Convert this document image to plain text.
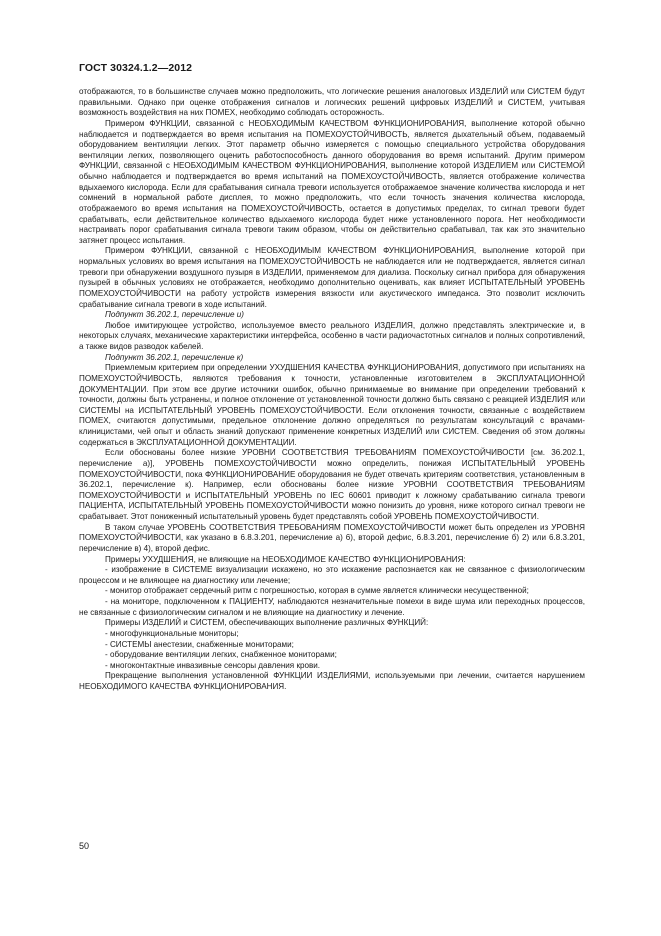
ГОСТ 30324.1.2—2012

отображаются, то в большинстве случаев можно предположить, что логические решения аналоговых ИЗДЕЛИЙ или СИСТЕМ будут правильными. Однако при оценке отображения сигналов и логических решений цифровых ИЗДЕЛИЙ и СИСТЕМ, учитывая возможность воздействия на них ПОМЕХ, необходимо соблюдать осторожность.

Примером ФУНКЦИИ, связанной с НЕОБХОДИМЫМ КАЧЕСТВОМ ФУНКЦИОНИРОВАНИЯ, выполнение которой обычно наблюдается и подтверждается во время испытания на ПОМЕХОУСТОЙЧИВОСТЬ, является дыхательный объем, подаваемый оборудованием вентиляции легких. Этот параметр обычно измеряется с помощью специального устройства оборудования вентиляции легких, позволяющего оценить работоспособность данного оборудования во время испытаний. Другим примером ФУНКЦИИ, связанной с НЕОБХОДИМЫМ КАЧЕСТВОМ ФУНКЦИОНИРОВАНИЯ, выполнение которой ИЗДЕЛИЕМ или СИСТЕМОЙ обычно наблюдается и подтверждается во время испытаний на ПОМЕХОУСТОЙЧИВОСТЬ, является отображение количества вдыхаемого кислорода. Если для срабатывания сигнала тревоги используется отображаемое значение количества кислорода и нет сомнений в нормальной работе дисплея, то можно предположить, что если точность значения количества кислорода, отображаемого во время испытания на ПОМЕХОУСТОЙЧИВОСТЬ, остается в допустимых пределах, то сигнал тревоги будет срабатывать, если действительное количество вдыхаемого кислорода будет ниже установленного порога. Нет необходимости настраивать порог срабатывания сигнала тревоги таким образом, чтобы он действительно срабатывал, так как это значительно затянет процесс испытания.

Примером ФУНКЦИИ, связанной с НЕОБХОДИМЫМ КАЧЕСТВОМ ФУНКЦИОНИРОВАНИЯ, выполнение которой при нормальных условиях во время испытания на ПОМЕХОУСТОЙЧИВОСТЬ не наблюдается или не подтверждается, является сигнал тревоги при обнаружении воздушного пузыря в ИЗДЕЛИИ, применяемом для диализа. Поскольку сигнал прибора для обнаружения пузырей в обычных условиях не отображается, необходимо дополнительно оценивать, как влияет ИСПЫТАТЕЛЬНЫЙ УРОВЕНЬ ПОМЕХОУСТОЙЧИВОСТИ на работу устройств измерения вязкости или акустического импеданса. Это позволит исключить срабатывание сигнала тревоги в ходе испытаний.

Подпункт 36.202.1, перечисление и)

Любое имитирующее устройство, используемое вместо реального ИЗДЕЛИЯ, должно представлять электрические и, в некоторых случаях, механические характеристики интерфейса, особенно в части радиочастотных сигналов и полных сопротивлений, а также видов разводок кабелей.

Подпункт 36.202.1, перечисление к)

Приемлемым критерием при определении УХУДШЕНИЯ КАЧЕСТВА ФУНКЦИОНИРОВАНИЯ, допустимого при испытаниях на ПОМЕХОУСТОЙЧИВОСТЬ, являются требования к точности, установленные изготовителем в ЭКСПЛУАТАЦИОННОЙ ДОКУМЕНТАЦИИ. При этом все другие источники ошибок, обычно принимаемые во внимание при определении требований к точности, должны быть устранены, и полное отклонение от установленной точности должно быть связано с реакцией ИЗДЕЛИЯ или СИСТЕМЫ на ИСПЫТАТЕЛЬНЫЙ УРОВЕНЬ ПОМЕХОУСТОЙЧИВОСТИ. Если отклонения точности, связанные с воздействием ПОМЕХ, считаются допустимыми, предельное отклонение должно определяться по результатам консультаций с врачами-клиницистами, чей опыт и область знаний допускают применение конкретных ИЗДЕЛИЙ или СИСТЕМ. Сведения об этом должны содержаться в ЭКСПЛУАТАЦИОННОЙ ДОКУМЕНТАЦИИ.

Если обоснованы более низкие УРОВНИ СООТВЕТСТВИЯ ТРЕБОВАНИЯМ ПОМЕХОУСТОЙЧИВОСТИ [см. 36.202.1, перечисление а)], УРОВЕНЬ ПОМЕХОУСТОЙЧИВОСТИ можно определить, понижая ИСПЫТАТЕЛЬНЫЙ УРОВЕНЬ ПОМЕХОУСТОЙЧИВОСТИ, пока ФУНКЦИОНИРОВАНИЕ оборудования не будет отвечать критериям соответствия, установленным в 36.202.1, перечисление к). Например, если обоснованы более низкие УРОВНИ СООТВЕТСТВИЯ ТРЕБОВАНИЯМ ПОМЕХОУСТОЙЧИВОСТИ и ИСПЫТАТЕЛЬНЫЙ УРОВЕНЬ по IEC 60601 приводит к ложному срабатыванию сигнала тревоги ПАЦИЕНТА, ИСПЫТАТЕЛЬНЫЙ УРОВЕНЬ ПОМЕХОУСТОЙЧИВОСТИ можно понизить до уровня, ниже которого сигнал тревоги не срабатывает. Этот пониженный испытательный уровень будет представлять собой УРОВЕНЬ ПОМЕХОУСТОЙЧИВОСТИ.

В таком случае УРОВЕНЬ СООТВЕТСТВИЯ ТРЕБОВАНИЯМ ПОМЕХОУСТОЙЧИВОСТИ может быть определен из УРОВНЯ ПОМЕХОУСТОЙЧИВОСТИ, как указано в 6.8.3.201, перечисление а) 6), второй дефис, 6.8.3.201, перечисление б) 2) или 6.8.3.201, перечисление в) 4), второй дефис.

Примеры УХУДШЕНИЯ, не влияющие на НЕОБХОДИМОЕ КАЧЕСТВО ФУНКЦИОНИРОВАНИЯ:

- изображение в СИСТЕМЕ визуализации искажено, но это искажение распознается как не связанное с физиологическим процессом и не влияющее на диагностику или лечение;

- монитор отображает сердечный ритм с погрешностью, которая в сумме является клинически несущественной;

- на мониторе, подключенном к ПАЦИЕНТУ, наблюдаются незначительные помехи в виде шума или переходных процессов, не связанные с физиологическим сигналом и не влияющие на диагностику и лечение.

Примеры ИЗДЕЛИЙ и СИСТЕМ, обеспечивающих выполнение различных ФУНКЦИЙ:

- многофункциональные мониторы;

- СИСТЕМЫ анестезии, снабженные мониторами;

- оборудование вентиляции легких, снабженное мониторами;

- многоконтактные инвазивные сенсоры давления крови.

Прекращение выполнения установленной ФУНКЦИИ ИЗДЕЛИЯМИ, используемыми при лечении, считается нарушением НЕОБХОДИМОГО КАЧЕСТВА ФУНКЦИОНИРОВАНИЯ.

50
